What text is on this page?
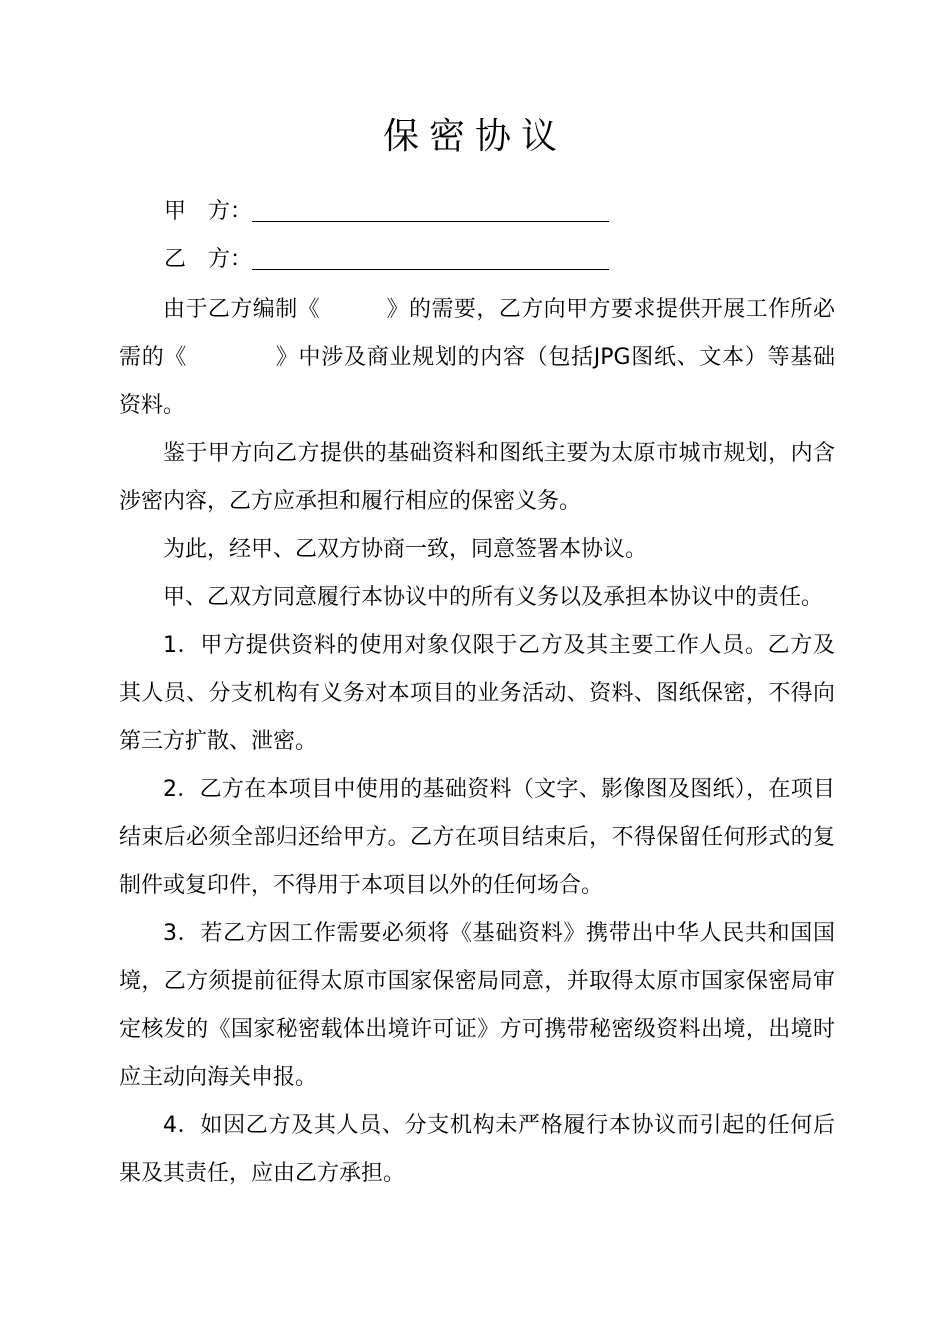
保密协议
甲　方：
乙　方：

由于乙方编制《	》的需要，乙方向甲方要求提供开展工作所必需的《	》中涉及商业规划的内容（包括JPG图纸、文本）等基础资料。

鉴于甲方向乙方提供的基础资料和图纸主要为太原市城市规划，内含涉密内容，乙方应承担和履行相应的保密义务。

为此，经甲、乙双方协商一致，同意签署本协议。

甲、乙双方同意履行本协议中的所有义务以及承担本协议中的责任。

1．甲方提供资料的使用对象仅限于乙方及其主要工作人员。乙方及其人员、分支机构有义务对本项目的业务活动、资料、图纸保密，不得向第三方扩散、泄密。

2．乙方在本项目中使用的基础资料（文字、影像图及图纸），在项目结束后必须全部归还给甲方。乙方在项目结束后，不得保留任何形式的复制件或复印件，不得用于本项目以外的任何场合。

3．若乙方因工作需要必须将《基础资料》携带出中华人民共和国国境，乙方须提前征得太原市国家保密局同意，并取得太原市国家保密局审定核发的《国家秘密载体出境许可证》方可携带秘密级资料出境，出境时应主动向海关申报。

4．如因乙方及其人员、分支机构未严格履行本协议而引起的任何后果及其责任，应由乙方承担。
